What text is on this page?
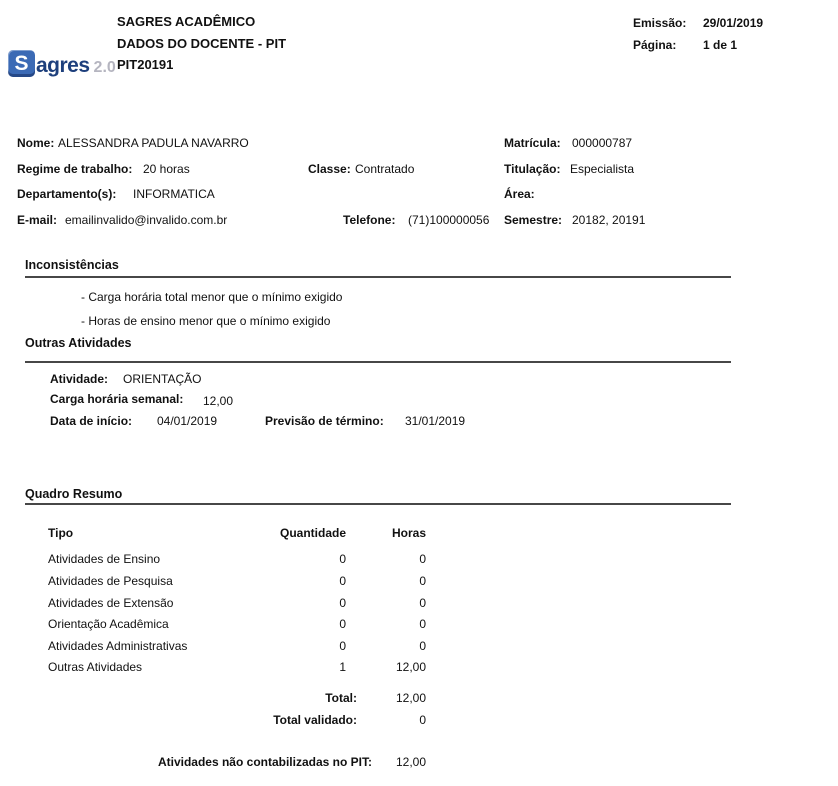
S agres 2.0
SAGRES ACADÊMICO
DADOS DO DOCENTE - PIT
PIT20191
Emissão: 29/01/2019
Página: 1 de 1
Nome: ALESSANDRA PADULA NAVARRO	Matrícula: 000000787
Regime de trabalho: 20 horas	Classe: Contratado	Titulação: Especialista
Departamento(s): INFORMATICA	Área:
E-mail: emailinvalido@invalido.com.br	Telefone: (71)100000056 Semestre: 20182, 20191
Inconsistências
- Carga horária total menor que o mínimo exigido
- Horas de ensino menor que o mínimo exigido
Outras Atividades
Atividade: ORIENTAÇÃO
Carga horária semanal: 12,00
Data de início: 04/01/2019	Previsão de término: 31/01/2019
Quadro Resumo
Tipo	Quantidade	Horas
Atividades de Ensino	0	0
Atividades de Pesquisa	0	0
Atividades de Extensão	0	0
Orientação Acadêmica	0	0
Atividades Administrativas	0	0
Outras Atividades	1	12,00
Total:	12,00
Total validado:	0
Atividades não contabilizadas no PIT:	12,00
